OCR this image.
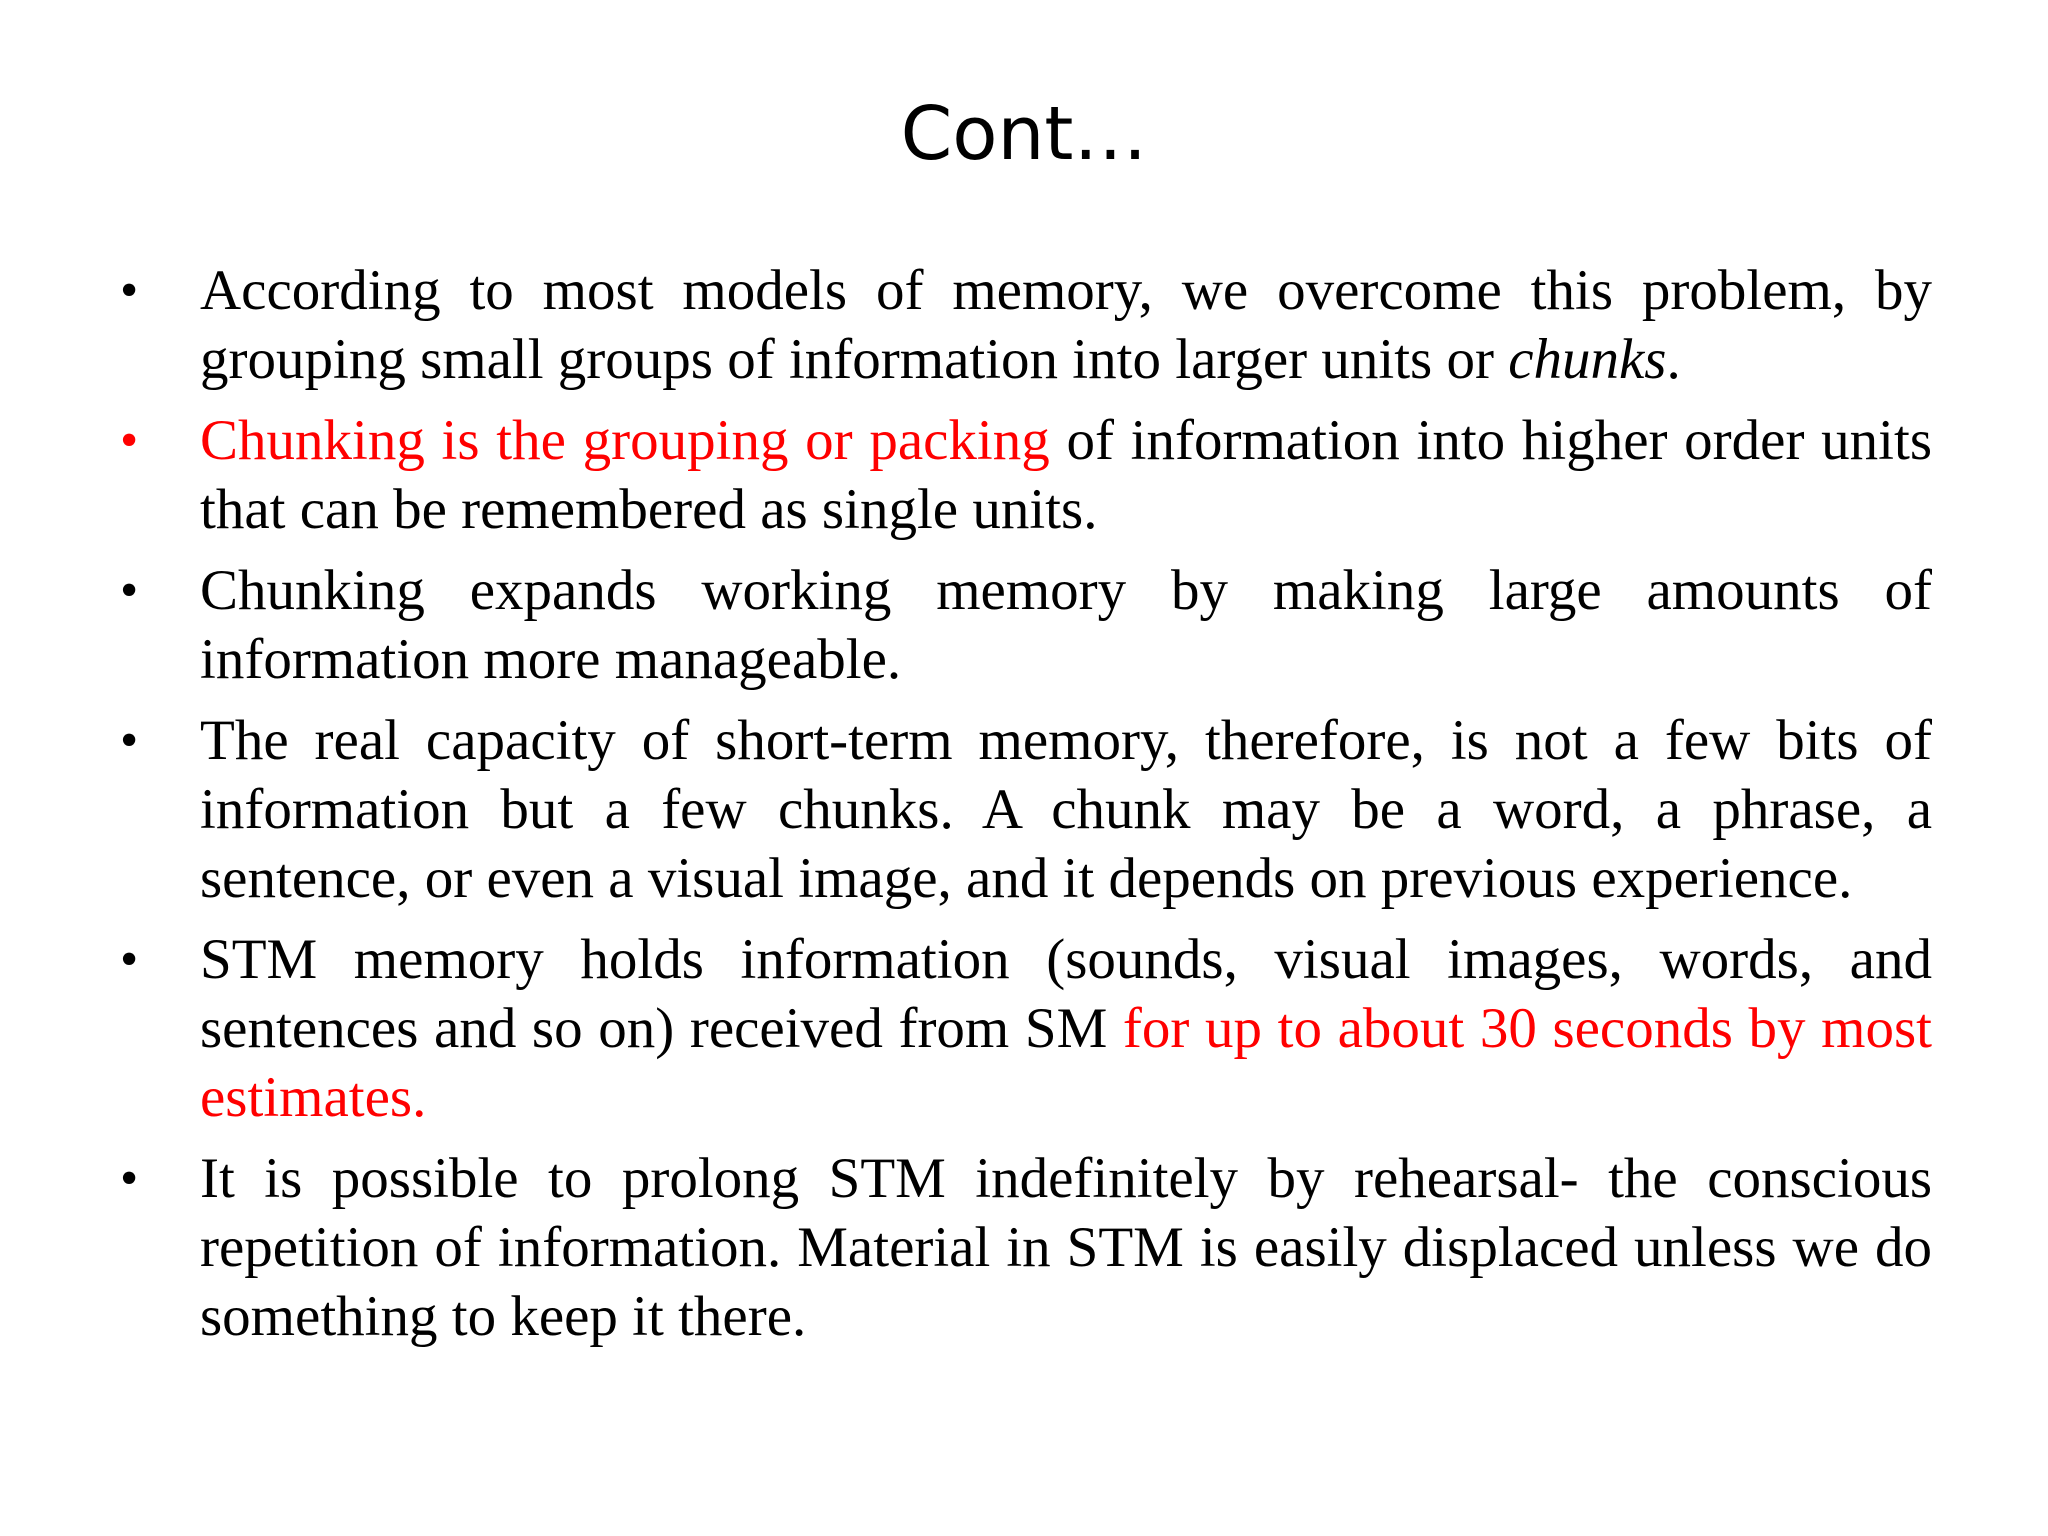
Cont…
• According to most models of memory, we overcome this problem, by grouping small groups of information into larger units or chunks.
• Chunking is the grouping or packing of information into higher order units that can be remembered as single units.
• Chunking expands working memory by making large amounts of information more manageable.
• The real capacity of short-term memory, therefore, is not a few bits of information but a few chunks. A chunk may be a word, a phrase, a sentence, or even a visual image, and it depends on previous experience.
• STM memory holds information (sounds, visual images, words, and sentences and so on) received from SM for up to about 30 seconds by most estimates.
• It is possible to prolong STM indefinitely by rehearsal- the conscious repetition of information. Material in STM is easily displaced unless we do something to keep it there.
